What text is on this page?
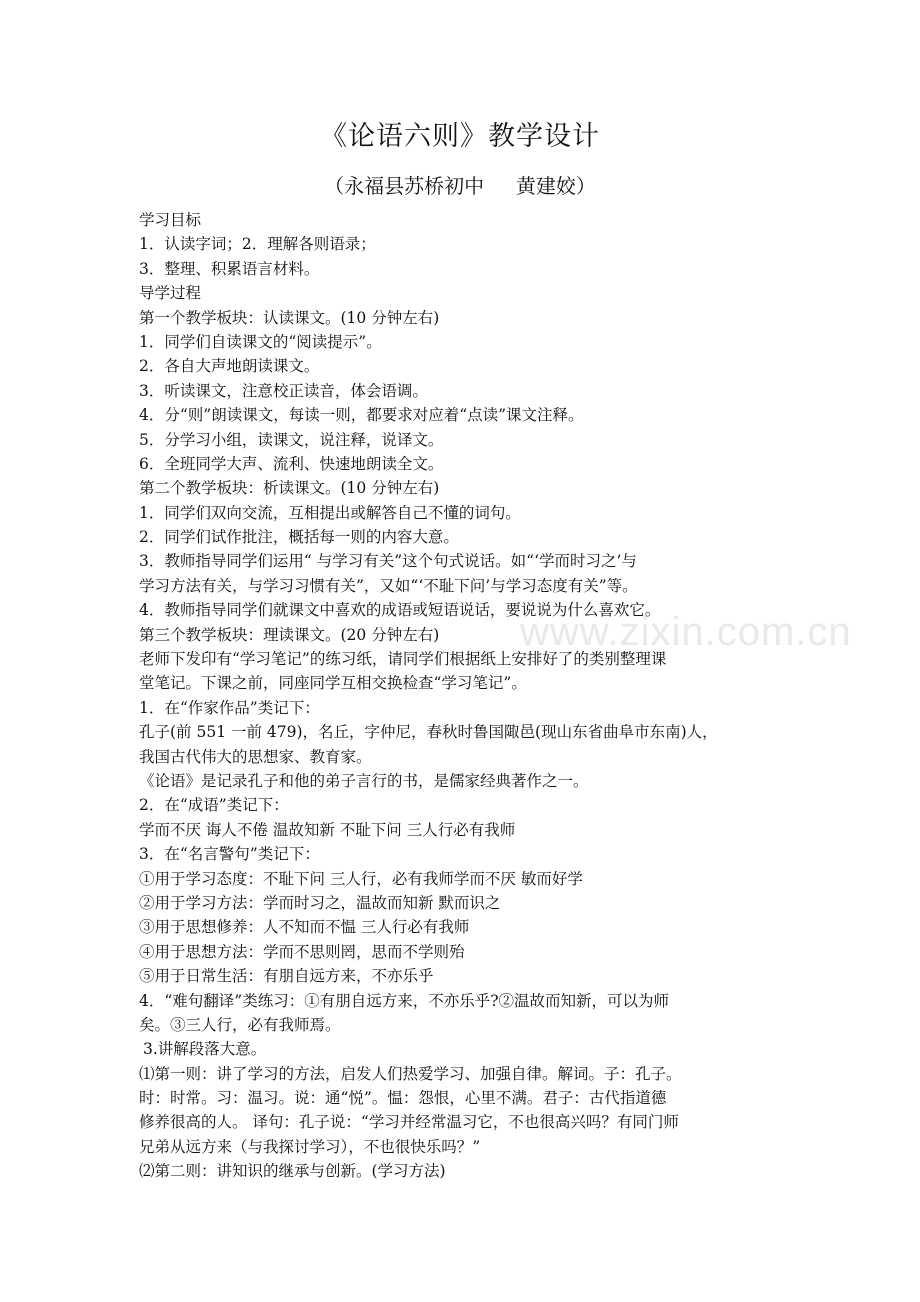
www.zixin.com.cn
《论语六则》教学设计
（永福县苏桥初中     黄建姣）
学习目标
1．认读字词；2．理解各则语录；
3．整理、积累语言材料。
导学过程
第一个教学板块：认读课文。(10 分钟左右)
1．同学们自读课文的“阅读提示”。
2．各自大声地朗读课文。
3．听读课文，注意校正读音，体会语调。
4．分“则”朗读课文，每读一则，都要求对应着“点读”课文注释。
5．分学习小组，读课文，说注释，说译文。
6．全班同学大声、流利、快速地朗读全文。
第二个教学板块：析读课文。(10 分钟左右)
1．同学们双向交流，互相提出或解答自己不懂的词句。
2．同学们试作批注，概括每一则的内容大意。
3．教师指导同学们运用“ 与学习有关”这个句式说话。如“‘学而时习之’与
学习方法有关，与学习习惯有关”，又如“‘不耻下问’与学习态度有关”等。
4．教师指导同学们就课文中喜欢的成语或短语说话，要说说为什么喜欢它。
第三个教学板块：理读课文。(20 分钟左右)
老师下发印有“学习笔记”的练习纸，请同学们根据纸上安排好了的类别整理课
堂笔记。下课之前，同座同学互相交换检查“学习笔记”。
1．在“作家作品”类记下：
孔子(前 551 一前 479)，名丘，字仲尼，春秋时鲁国陬邑(现山东省曲阜市东南)人，
我国古代伟大的思想家、教育家。
《论语》是记录孔子和他的弟子言行的书，是儒家经典著作之一。
2．在“成语”类记下：
学而不厌 诲人不倦 温故知新 不耻下问 三人行必有我师
3．在“名言警句”类记下：
①用于学习态度：不耻下问 三人行，必有我师学而不厌 敏而好学
②用于学习方法：学而时习之，温故而知新 默而识之
③用于思想修养：人不知而不愠 三人行必有我师
④用于思想方法：学而不思则罔，思而不学则殆
⑤用于日常生活：有朋自远方来，不亦乐乎
4．“难句翻译”类练习：①有朋自远方来，不亦乐乎?②温故而知新，可以为师
矣。③三人行，必有我师焉。
3.讲解段落大意。
⑴第一则：讲了学习的方法，启发人们热爱学习、加强自律。解词。子：孔子。
时：时常。习：温习。说：通“悦”。愠：怨恨，心里不满。君子：古代指道德
修养很高的人。 译句：孔子说：“学习并经常温习它，不也很高兴吗？有同门师
兄弟从远方来（与我探讨学习），不也很快乐吗？”
⑵第二则：讲知识的继承与创新。(学习方法)
